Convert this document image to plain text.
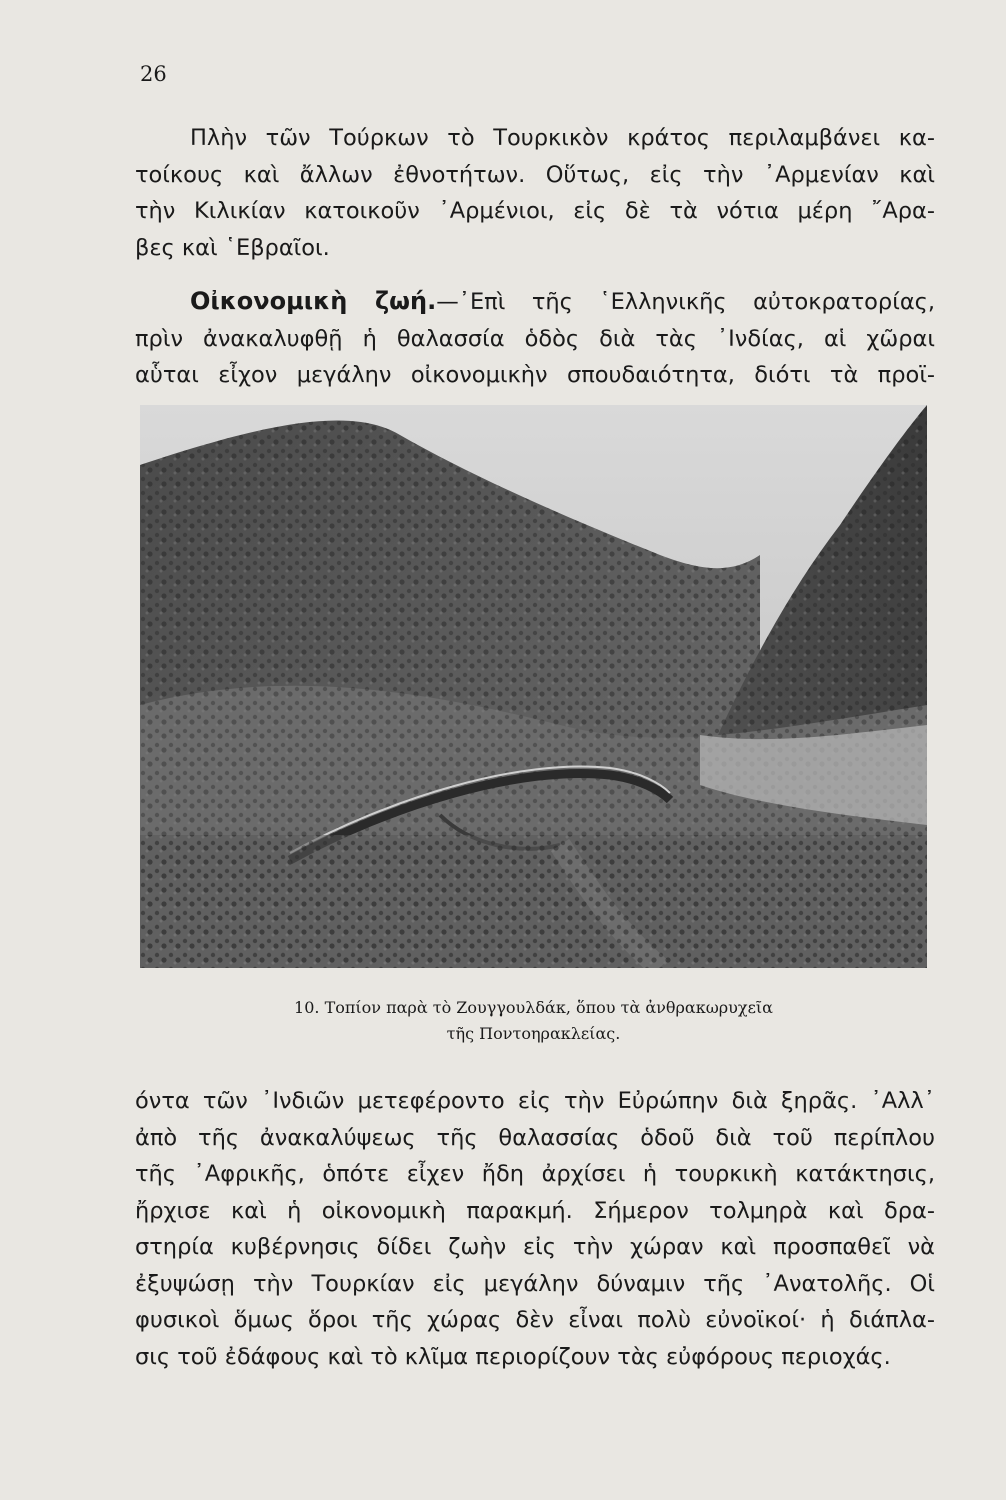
26
Πλὴν τῶν Τούρκων τὸ Τουρκικὸν κράτος περιλαμβάνει κα-
τοίκους καὶ ἄλλων ἐθνοτήτων. Οὕτως, εἰς τὴν ᾿Αρμενίαν καὶ
τὴν Κιλικίαν κατοικοῦν ᾿Αρμένιοι, εἰς δὲ τὰ νότια μέρη ῎Αρα-
βες καὶ ῾Εβραῖοι.
Οἰκονομικὴ ζωή.—᾿Επὶ τῆς ῾Ελληνικῆς αὐτοκρατορίας,
πρὶν ἀνακαλυφθῇ ἡ θαλασσία ὁδὸς διὰ τὰς ᾿Ινδίας, αἱ χῶραι
αὗται εἶχον μεγάλην οἰκονομικὴν σπουδαιότητα, διότι τὰ προϊ-
10. Τοπίον παρὰ τὸ Ζουγγουλδάκ, ὅπου τὰ ἀνθρακωρυχεῖα
τῆς Ποντοηρακλείας.
όντα τῶν ᾿Ινδιῶν μετεφέροντο εἰς τὴν Εὐρώπην διὰ ξηρᾶς. ᾿Αλλ᾿
ἀπὸ τῆς ἀνακαλύψεως τῆς θαλασσίας ὁδοῦ διὰ τοῦ περίπλου
τῆς ᾿Αφρικῆς, ὁπότε εἶχεν ἤδη ἀρχίσει ἡ τουρκικὴ κατάκτησις,
ἤρχισε καὶ ἡ οἰκονομικὴ παρακμή. Σήμερον τολμηρὰ καὶ δρα-
στηρία κυβέρνησις δίδει ζωὴν εἰς τὴν χώραν καὶ προσπαθεῖ νὰ
ἐξυψώσῃ τὴν Τουρκίαν εἰς μεγάλην δύναμιν τῆς ᾿Ανατολῆς. Οἱ
φυσικοὶ ὅμως ὅροι τῆς χώρας δὲν εἶναι πολὺ εὐνοϊκοί· ἡ διάπλα-
σις τοῦ ἐδάφους καὶ τὸ κλῖμα περιορίζουν τὰς εὐφόρους περιοχάς.
